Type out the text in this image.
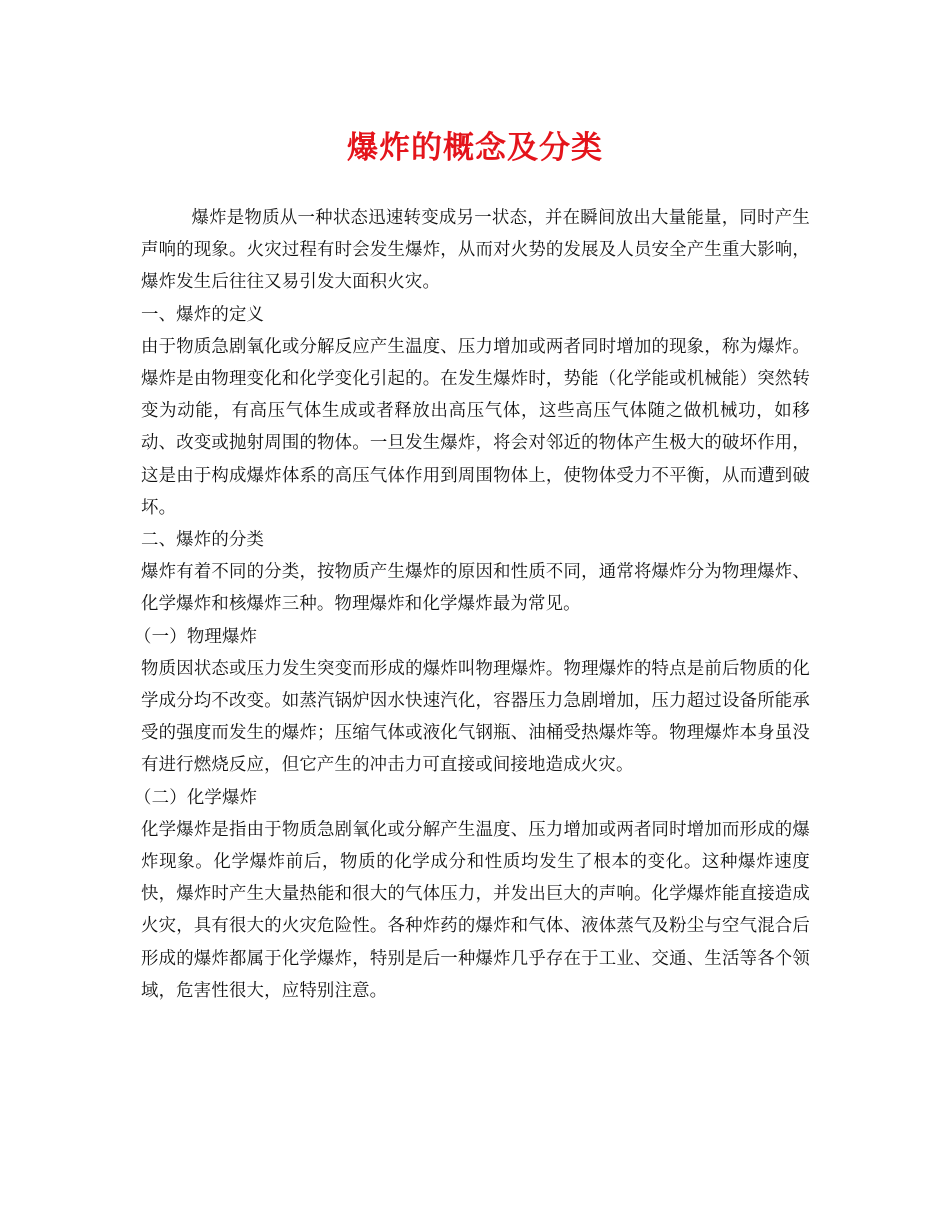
爆炸的概念及分类

爆炸是物质从一种状态迅速转变成另一状态，并在瞬间放出大量能量，同时产生声响的现象。火灾过程有时会发生爆炸，从而对火势的发展及人员安全产生重大影响，爆炸发生后往往又易引发大面积火灾。

一、爆炸的定义

由于物质急剧氧化或分解反应产生温度、压力增加或两者同时增加的现象，称为爆炸。爆炸是由物理变化和化学变化引起的。在发生爆炸时，势能（化学能或机械能）突然转变为动能，有高压气体生成或者释放出高压气体，这些高压气体随之做机械功，如移动、改变或抛射周围的物体。一旦发生爆炸，将会对邻近的物体产生极大的破坏作用，这是由于构成爆炸体系的高压气体作用到周围物体上，使物体受力不平衡，从而遭到破坏。

二、爆炸的分类

爆炸有着不同的分类，按物质产生爆炸的原因和性质不同，通常将爆炸分为物理爆炸、化学爆炸和核爆炸三种。物理爆炸和化学爆炸最为常见。

（一）物理爆炸

物质因状态或压力发生突变而形成的爆炸叫物理爆炸。物理爆炸的特点是前后物质的化学成分均不改变。如蒸汽锅炉因水快速汽化，容器压力急剧增加，压力超过设备所能承受的强度而发生的爆炸；压缩气体或液化气钢瓶、油桶受热爆炸等。物理爆炸本身虽没有进行燃烧反应，但它产生的冲击力可直接或间接地造成火灾。

（二）化学爆炸

化学爆炸是指由于物质急剧氧化或分解产生温度、压力增加或两者同时增加而形成的爆炸现象。化学爆炸前后，物质的化学成分和性质均发生了根本的变化。这种爆炸速度快，爆炸时产生大量热能和很大的气体压力，并发出巨大的声响。化学爆炸能直接造成火灾，具有很大的火灾危险性。各种炸药的爆炸和气体、液体蒸气及粉尘与空气混合后形成的爆炸都属于化学爆炸，特别是后一种爆炸几乎存在于工业、交通、生活等各个领域，危害性很大，应特别注意。
